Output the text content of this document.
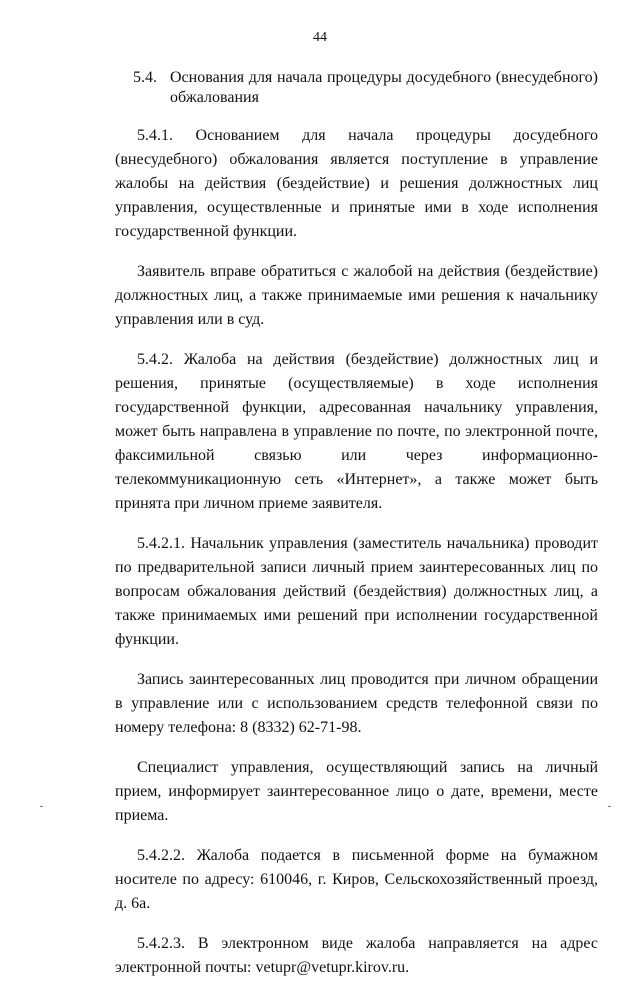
44
5.4. Основания для начала процедуры досудебного (внесудебного) обжалования

5.4.1. Основанием для начала процедуры досудебного (внесудебного) обжалования является поступление в управление жалобы на действия (бездействие) и решения должностных лиц управления, осуществленные и принятые ими в ходе исполнения государственной функции.

Заявитель вправе обратиться с жалобой на действия (бездействие) должностных лиц, а также принимаемые ими решения к начальнику управления или в суд.

5.4.2. Жалоба на действия (бездействие) должностных лиц и решения, принятые (осуществляемые) в ходе исполнения государственной функции, адресованная начальнику управления, может быть направлена в управление по почте, по электронной почте, факсимильной связью или через информационно-телекоммуникационную сеть «Интернет», а также может быть принята при личном приеме заявителя.

5.4.2.1. Начальник управления (заместитель начальника) проводит по предварительной записи личный прием заинтересованных лиц по вопросам обжалования действий (бездействия) должностных лиц, а также принимаемых ими решений при исполнении государственной функции.

Запись заинтересованных лиц проводится при личном обращении в управление или с использованием средств телефонной связи по номеру телефона: 8 (8332) 62-71-98.

Специалист управления, осуществляющий запись на личный прием, информирует заинтересованное лицо о дате, времени, месте приема.

5.4.2.2. Жалоба подается в письменной форме на бумажном носителе по адресу: 610046, г. Киров, Сельскохозяйственный проезд, д. 6а.

5.4.2.3. В электронном виде жалоба направляется на адрес электронной почты: vetupr@vetupr.kirov.ru.
